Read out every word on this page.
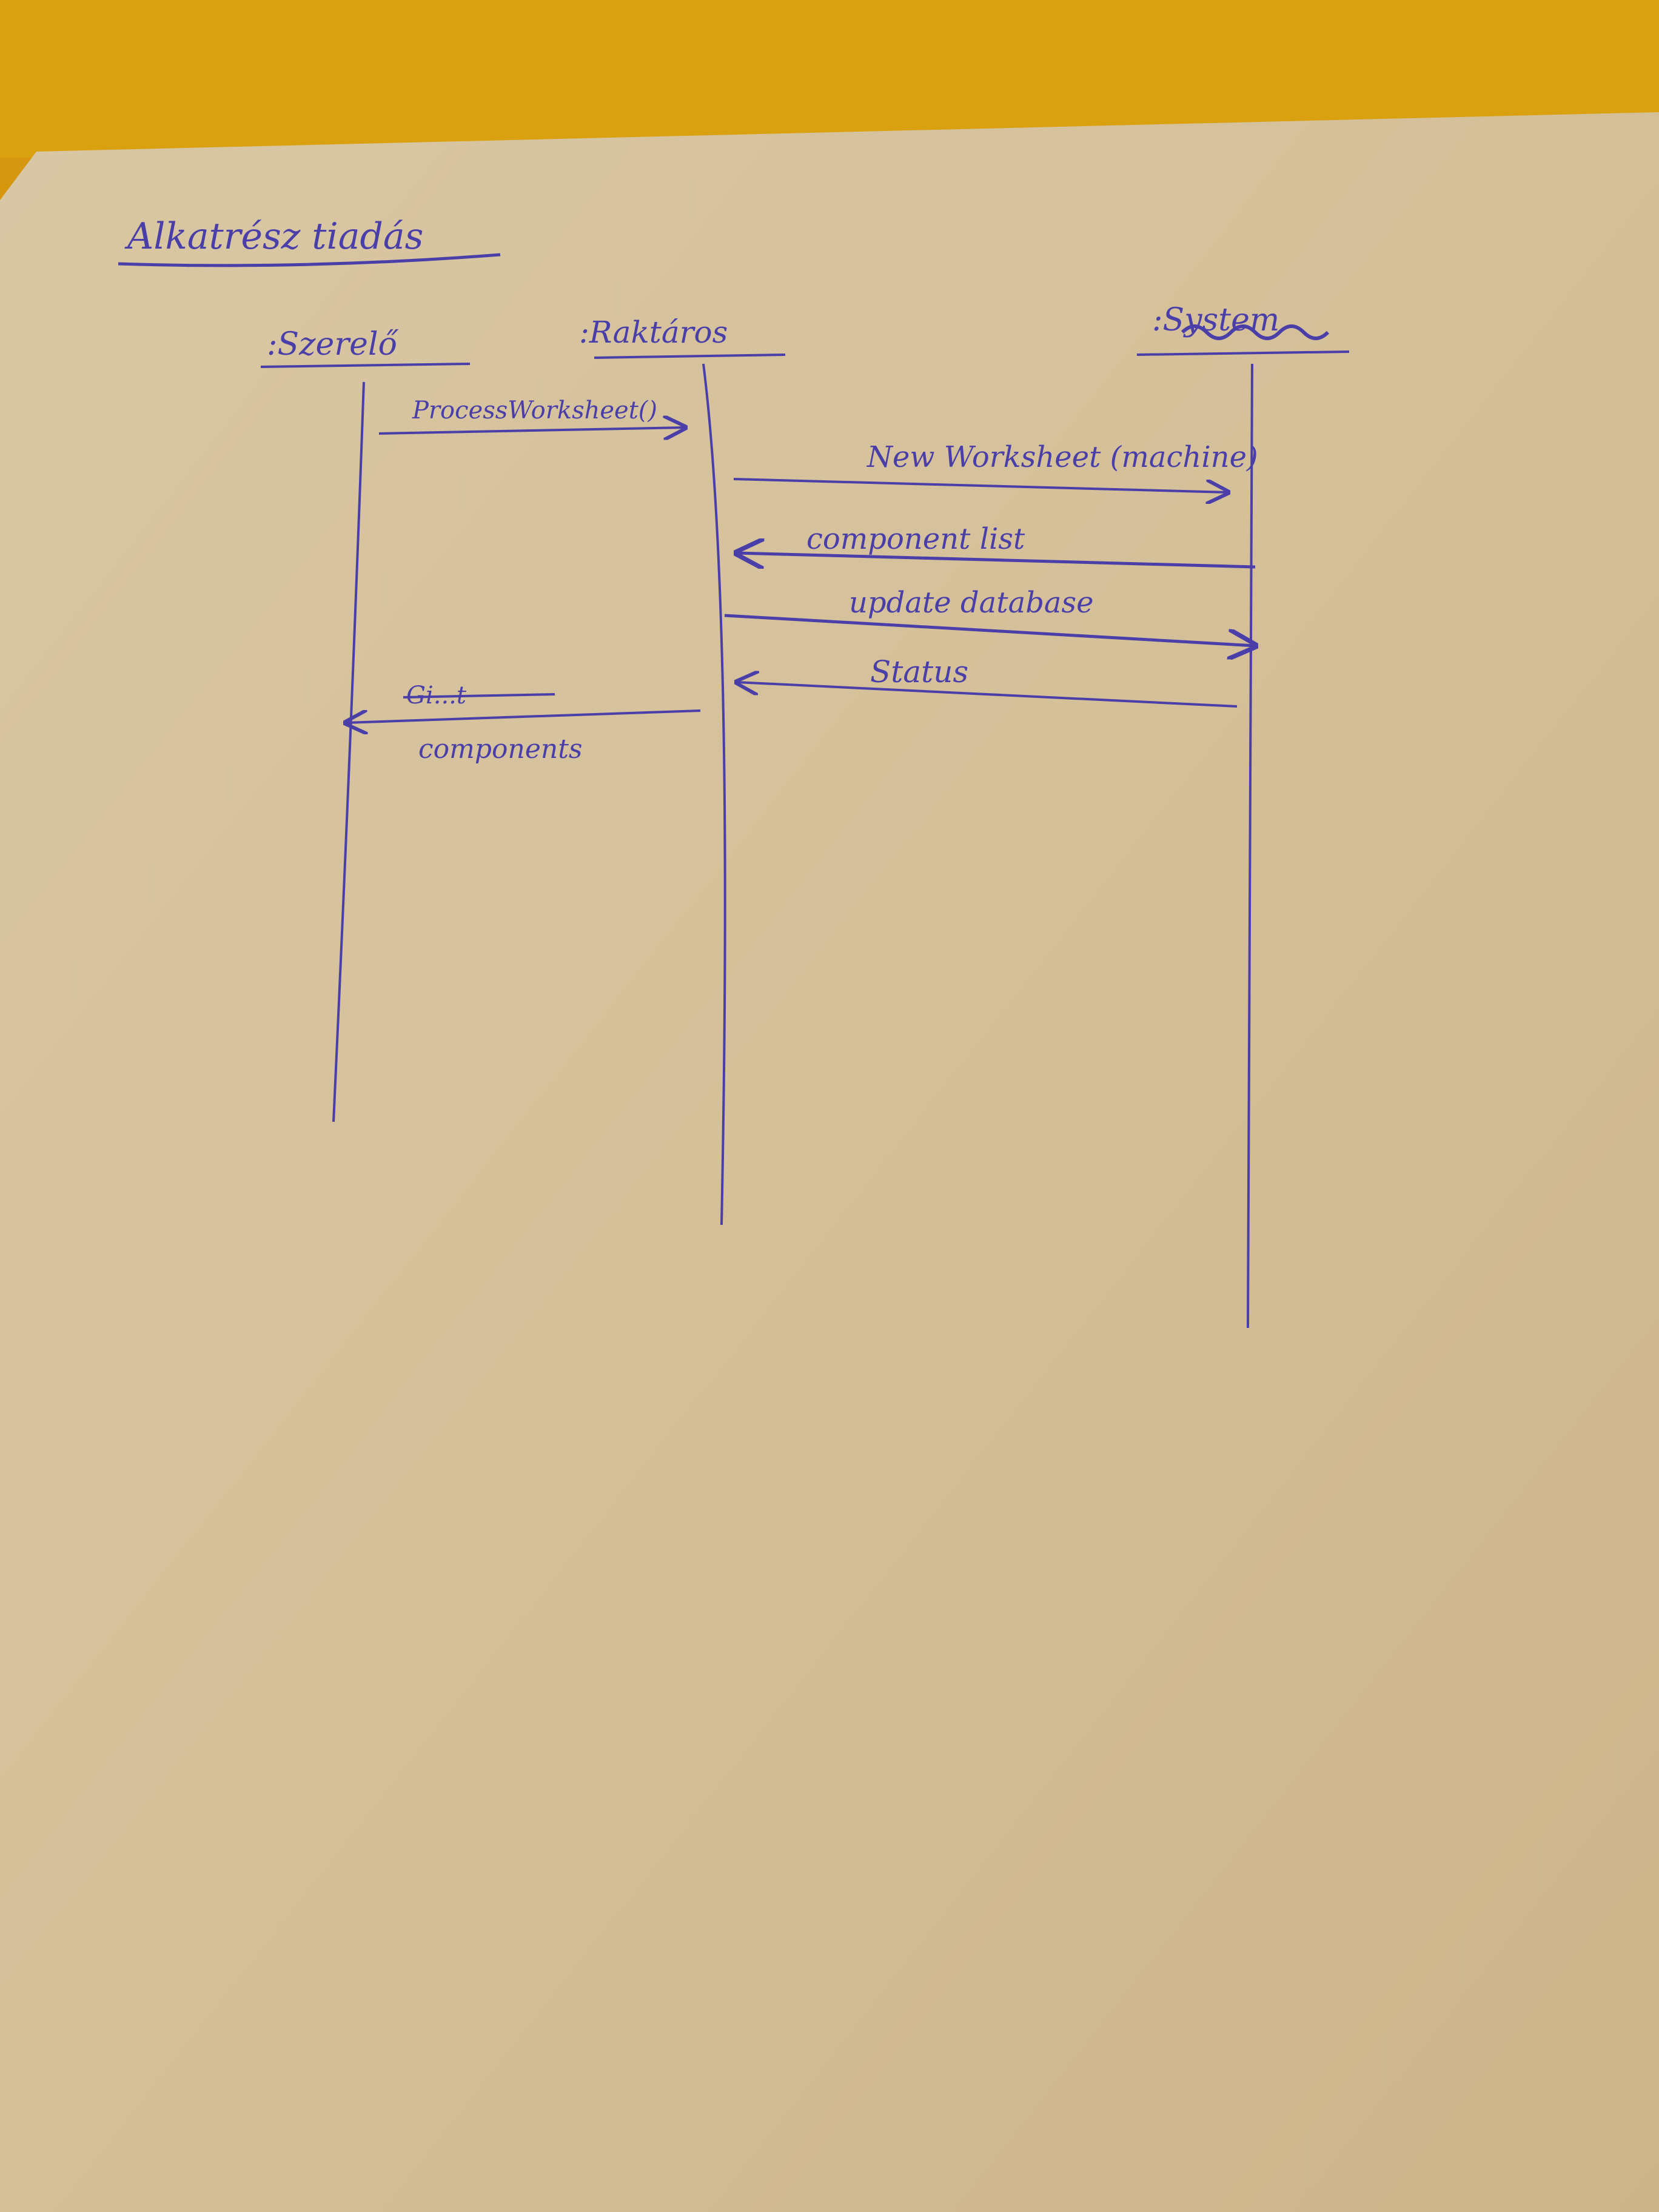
Alkatrész tiadás
:Szerelő	:Raktáros	:System
ProcessWorksheet()
New Worksheet (machine)
component list
update database
Status
Gi...t
components
